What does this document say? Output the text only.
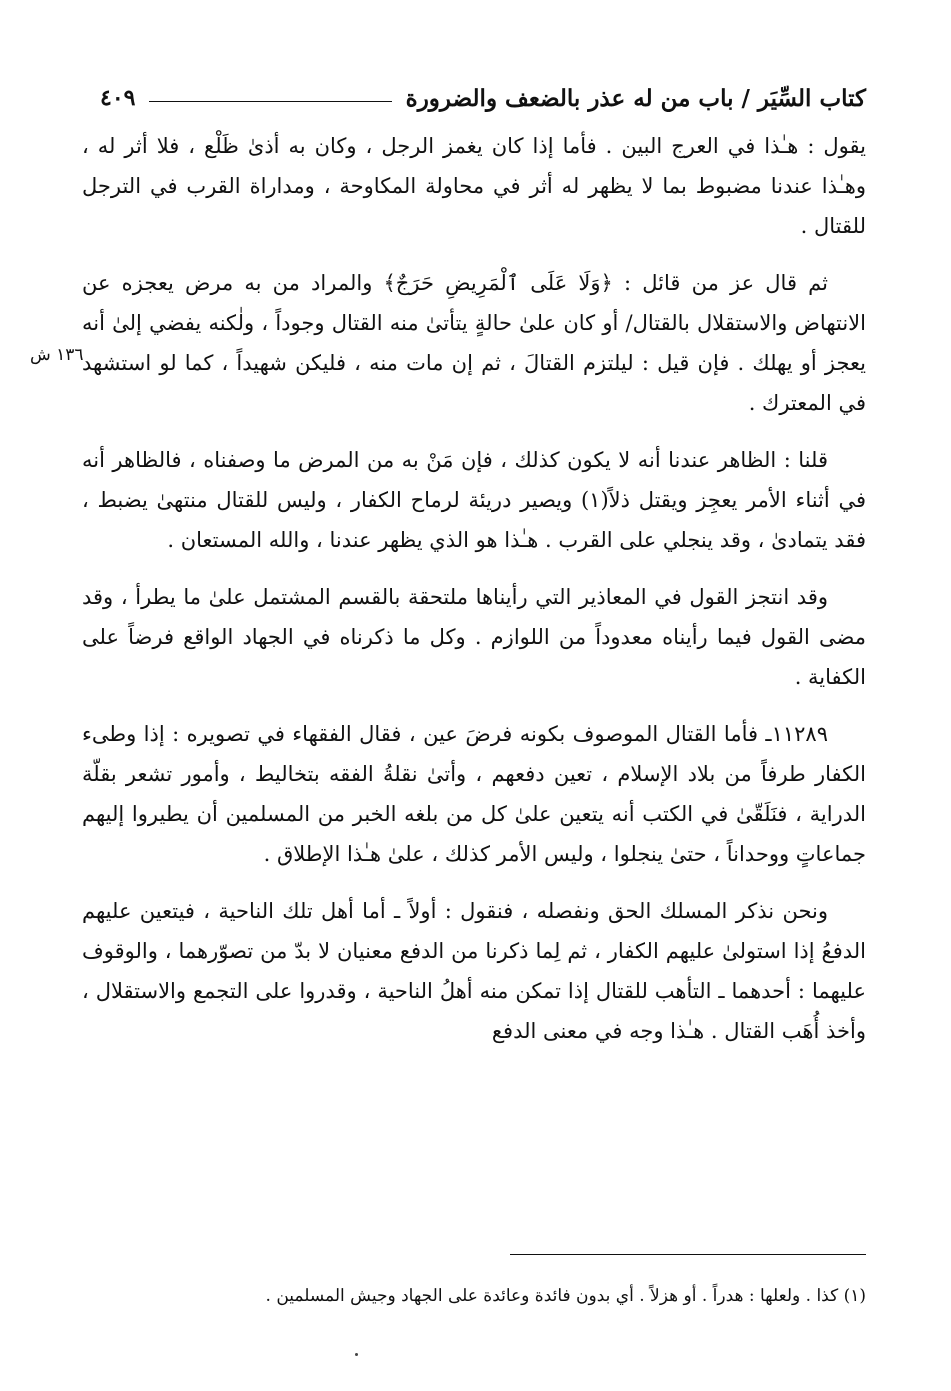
كتاب السِّيَر / باب من له عذر بالضعف والضرورة
٤٠٩
١٣٦ ش

يقول : هـٰذا في العرج البين . فأما إذا كان يغمز الرجل ، وكان به أذىٰ ظَلْع ، فلا أثر له ، وهـٰذا عندنا مضبوط بما لا يظهر له أثر في محاولة المكاوحة ، ومداراة القرب في الترجل للقتال .

ثم قال عز من قائل : ﴿وَلَا عَلَى ٱلْمَرِيضِ حَرَجٌ﴾ والمراد من به مرض يعجزه عن الانتهاض والاستقلال بالقتال/ أو كان علىٰ حالةٍ يتأتىٰ منه القتال وجوداً ، ولٰكنه يفضي إلىٰ أنه يعجز أو يهلك . فإن قيل : ليلتزم القتالَ ، ثم إن مات منه ، فليكن شهيداً ، كما لو استشهد في المعترك .

قلنا : الظاهر عندنا أنه لا يكون كذلك ، فإن مَنْ به من المرض ما وصفناه ، فالظاهر أنه في أثناء الأمر يعجِز ويقتل ذلاً(١) ويصير دريئة لرماح الكفار ، وليس للقتال منتهىٰ يضبط ، فقد يتمادىٰ ، وقد ينجلي على القرب . هـٰذا هو الذي يظهر عندنا ، والله المستعان .

وقد انتجز القول في المعاذير التي رأيناها ملتحقة بالقسم المشتمل علىٰ ما يطرأ ، وقد مضى القول فيما رأيناه معدوداً من اللوازم . وكل ما ذكرناه في الجهاد الواقع فرضاً على الكفاية .

١١٢٨٩ـ فأما القتال الموصوف بكونه فرضَ عين ، فقال الفقهاء في تصويره : إذا وطىء الكفار طرفاً من بلاد الإسلام ، تعين دفعهم ، وأتىٰ نقلةُ الفقه بتخاليط ، وأمور تشعر بقلّة الدراية ، فنَلَقّىٰ في الكتب أنه يتعين علىٰ كل من بلغه الخبر من المسلمين أن يطيروا إليهم جماعاتٍ ووحداناً ، حتىٰ ينجلوا ، وليس الأمر كذلك ، علىٰ هـٰذا الإطلاق .

ونحن نذكر المسلك الحق ونفصله ، فنقول : أولاً ـ أما أهل تلك الناحية ، فيتعين عليهم الدفعُ إذا استولىٰ عليهم الكفار ، ثم لِما ذكرنا من الدفع معنيان لا بدّ من تصوّرهما ، والوقوف عليهما : أحدهما ـ التأهب للقتال إذا تمكن منه أهلُ الناحية ، وقدروا على التجمع والاستقلال ، وأخذ أُهَب القتال . هـٰذا وجه في معنى الدفع

(١) كذا . ولعلها : هدراً . أو هزلاً . أي بدون فائدة وعائدة على الجهاد وجيش المسلمين .
